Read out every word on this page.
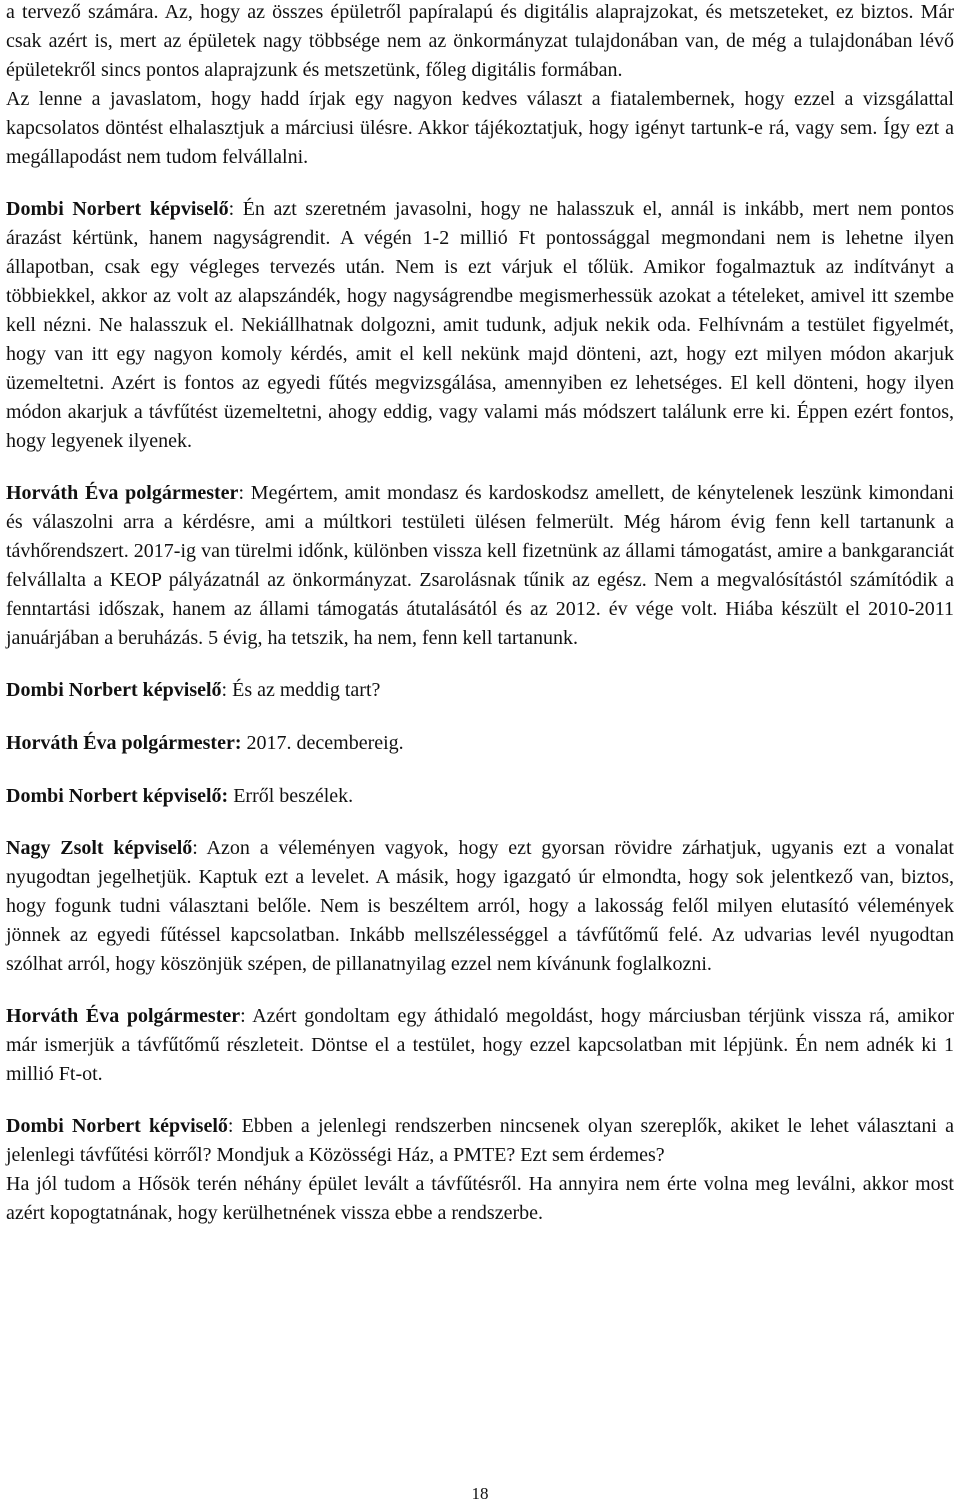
a tervező számára. Az, hogy az összes épületről papíralapú és digitális alaprajzokat, és metszeteket, ez biztos. Már csak azért is, mert az épületek nagy többsége nem az önkormányzat tulajdonában van, de még a tulajdonában lévő épületekről sincs pontos alaprajzunk és metszetünk, főleg digitális formában.

Az lenne a javaslatom, hogy hadd írjak egy nagyon kedves választ a fiatalembernek, hogy ezzel a vizsgálattal kapcsolatos döntést elhalasztjuk a márciusi ülésre. Akkor tájékoztatjuk, hogy igényt tartunk-e rá, vagy sem. Így ezt a megállapodást nem tudom felvállalni.

Dombi Norbert képviselő: Én azt szeretném javasolni, hogy ne halasszuk el, annál is inkább, mert nem pontos árazást kértünk, hanem nagyságrendit. A végén 1-2 millió Ft pontossággal megmondani nem is lehetne ilyen állapotban, csak egy végleges tervezés után. Nem is ezt várjuk el tőlük. Amikor fogalmaztuk az indítványt a többiekkel, akkor az volt az alapszándék, hogy nagyságrendbe megismerhessük azokat a tételeket, amivel itt szembe kell nézni. Ne halasszuk el. Nekiállhatnak dolgozni, amit tudunk, adjuk nekik oda. Felhívnám a testület figyelmét, hogy van itt egy nagyon komoly kérdés, amit el kell nekünk majd dönteni, azt, hogy ezt milyen módon akarjuk üzemeltetni. Azért is fontos az egyedi fűtés megvizsgálása, amennyiben ez lehetséges. El kell dönteni, hogy ilyen módon akarjuk a távfűtést üzemeltetni, ahogy eddig, vagy valami más módszert találunk erre ki. Éppen ezért fontos, hogy legyenek ilyenek.

Horváth Éva polgármester: Megértem, amit mondasz és kardoskodsz amellett, de kénytelenek leszünk kimondani és válaszolni arra a kérdésre, ami a múltkori testületi ülésen felmerült. Még három évig fenn kell tartanunk a távhőrendszert. 2017-ig van türelmi időnk, különben vissza kell fizetnünk az állami támogatást, amire a bankgaranciát felvállalta a KEOP pályázatnál az önkormányzat. Zsarolásnak tűnik az egész. Nem a megvalósítástól számítódik a fenntartási időszak, hanem az állami támogatás átutalásától és az 2012. év vége volt. Hiába készült el 2010-2011 januárjában a beruházás. 5 évig, ha tetszik, ha nem, fenn kell tartanunk.

Dombi Norbert képviselő: És az meddig tart?

Horváth Éva polgármester: 2017. decembereig.

Dombi Norbert képviselő: Erről beszélek.

Nagy Zsolt képviselő: Azon a véleményen vagyok, hogy ezt gyorsan rövidre zárhatjuk, ugyanis ezt a vonalat nyugodtan jegelhetjük. Kaptuk ezt a levelet. A másik, hogy igazgató úr elmondta, hogy sok jelentkező van, biztos, hogy fogunk tudni választani belőle. Nem is beszéltem arról, hogy a lakosság felől milyen elutasító vélemények jönnek az egyedi fűtéssel kapcsolatban. Inkább mellszélességgel a távfűtőmű felé. Az udvarias levél nyugodtan szólhat arról, hogy köszönjük szépen, de pillanatnyilag ezzel nem kívánunk foglalkozni.

Horváth Éva polgármester: Azért gondoltam egy áthidaló megoldást, hogy márciusban térjünk vissza rá, amikor már ismerjük a távfűtőmű részleteit. Döntse el a testület, hogy ezzel kapcsolatban mit lépjünk. Én nem adnék ki 1 millió Ft-ot.

Dombi Norbert képviselő: Ebben a jelenlegi rendszerben nincsenek olyan szereplők, akiket le lehet választani a jelenlegi távfűtési körről? Mondjuk a Közösségi Ház, a PMTE? Ezt sem érdemes?

Ha jól tudom a Hősök terén néhány épület levált a távfűtésről. Ha annyira nem érte volna meg leválni, akkor most azért kopogtatnának, hogy kerülhetnének vissza ebbe a rendszerbe.

18
